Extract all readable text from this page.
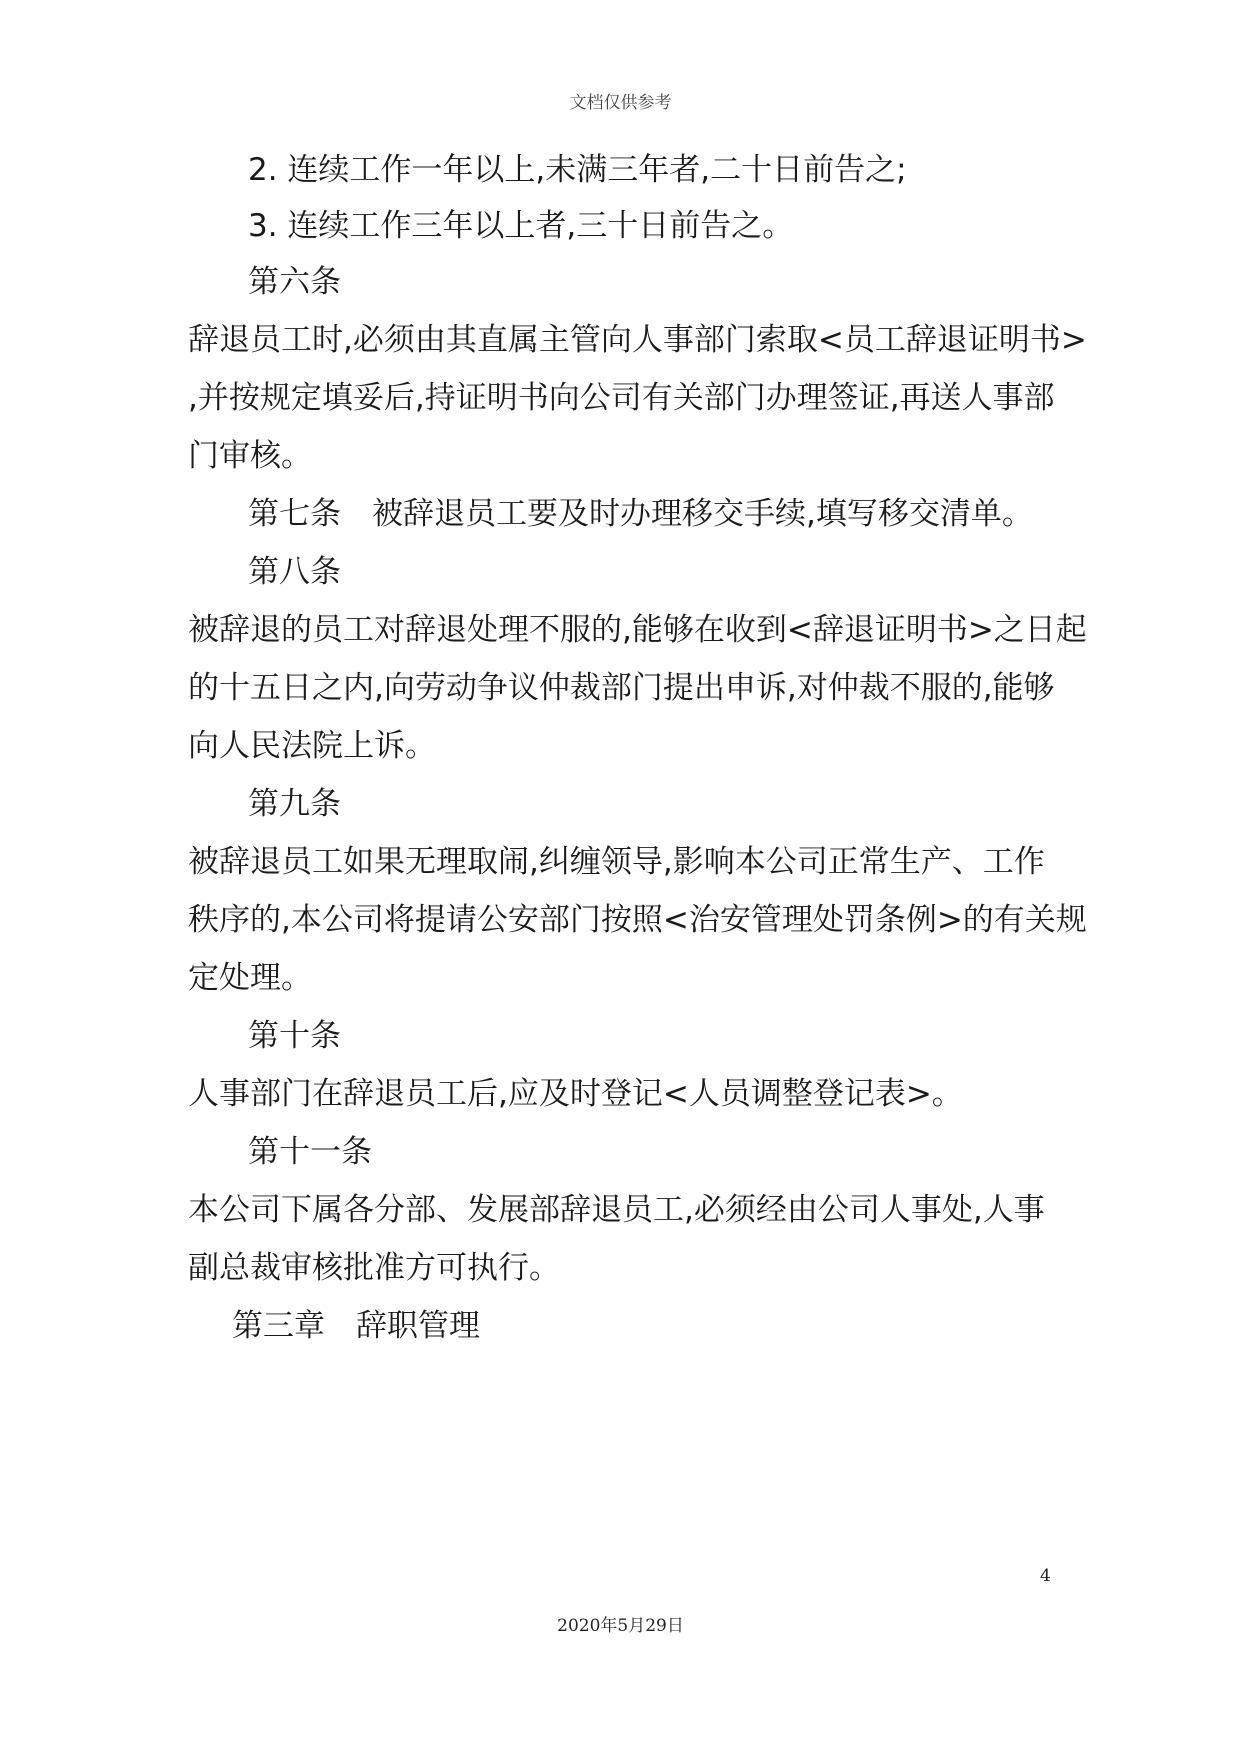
文档仅供参考
2. 连续工作一年以上,未满三年者,二十日前告之;
3. 连续工作三年以上者,三十日前告之。
第六条
辞退员工时,必须由其直属主管向人事部门索取<员工辞退证明书>
,并按规定填妥后,持证明书向公司有关部门办理签证,再送人事部
门审核。
第七条　被辞退员工要及时办理移交手续,填写移交清单。
第八条
被辞退的员工对辞退处理不服的,能够在收到<辞退证明书>之日起
的十五日之内,向劳动争议仲裁部门提出申诉,对仲裁不服的,能够
向人民法院上诉。
第九条
被辞退员工如果无理取闹,纠缠领导,影响本公司正常生产、工作
秩序的,本公司将提请公安部门按照<治安管理处罚条例>的有关规
定处理。
第十条
人事部门在辞退员工后,应及时登记<人员调整登记表>。
第十一条
本公司下属各分部、发展部辞退员工,必须经由公司人事处,人事
副总裁审核批准方可执行。
第三章　辞职管理
4
2020年5月29日
